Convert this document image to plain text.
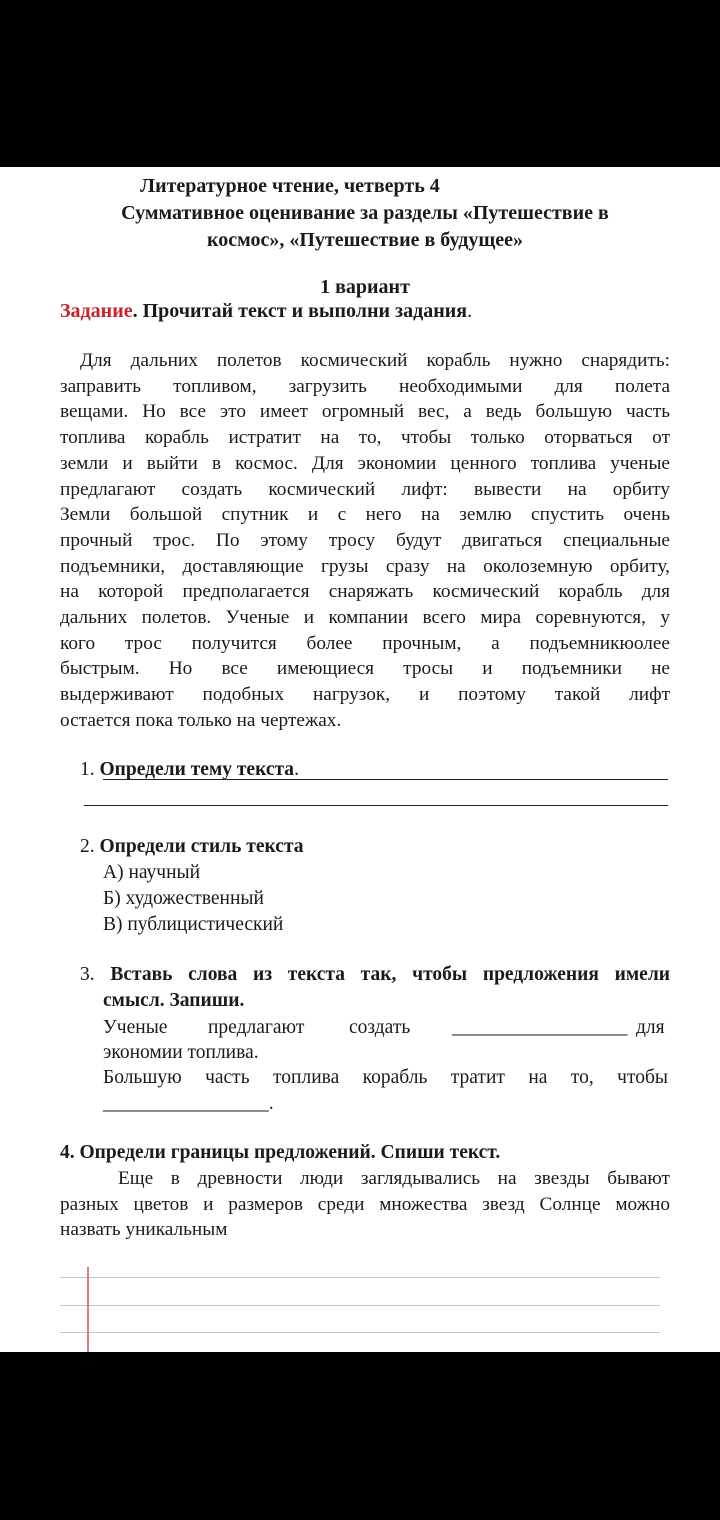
Литературное чтение, четверть 4
Суммативное оценивание за разделы «Путешествие в
космос», «Путешествие в будущее»
1 вариант
Задание. Прочитай текст и выполни задания.
Для дальних полетов космический корабль нужно снарядить:
заправить топливом, загрузить необходимыми для полета
вещами. Но все это имеет огромный вес, а ведь большую часть
топлива корабль истратит на то, чтобы только оторваться от
земли и выйти в космос. Для экономии ценного топлива ученые
предлагают создать космический лифт: вывести на орбиту
Земли большой спутник и с него на землю спустить очень
прочный трос. По этому тросу будут двигаться специальные
подъемники, доставляющие грузы сразу на околоземную орбиту,
на которой предполагается снаряжать космический корабль для
дальних полетов. Ученые и компании всего мира соревнуются, у
кого трос получится более прочным, а подъемникюолее
быстрым. Но все имеющиеся тросы и подъемники не
выдерживают подобных нагрузок, и поэтому такой лифт
остается пока только на чертежах.
1. Определи тему текста.
2. Определи стиль текста
А) научный
Б) художественный
В) публицистический
3. Вставь слова из текста так, чтобы предложения имели
смысл. Запиши.
Ученые предлагают создать __________________ для
экономии топлива.
Большую часть топлива корабль тратит на то, чтобы
_________________.
4. Определи границы предложений. Спиши текст.
Еще в древности люди заглядывались на звезды бывают
разных цветов и размеров среди множества звезд Солнце можно
назвать уникальным
